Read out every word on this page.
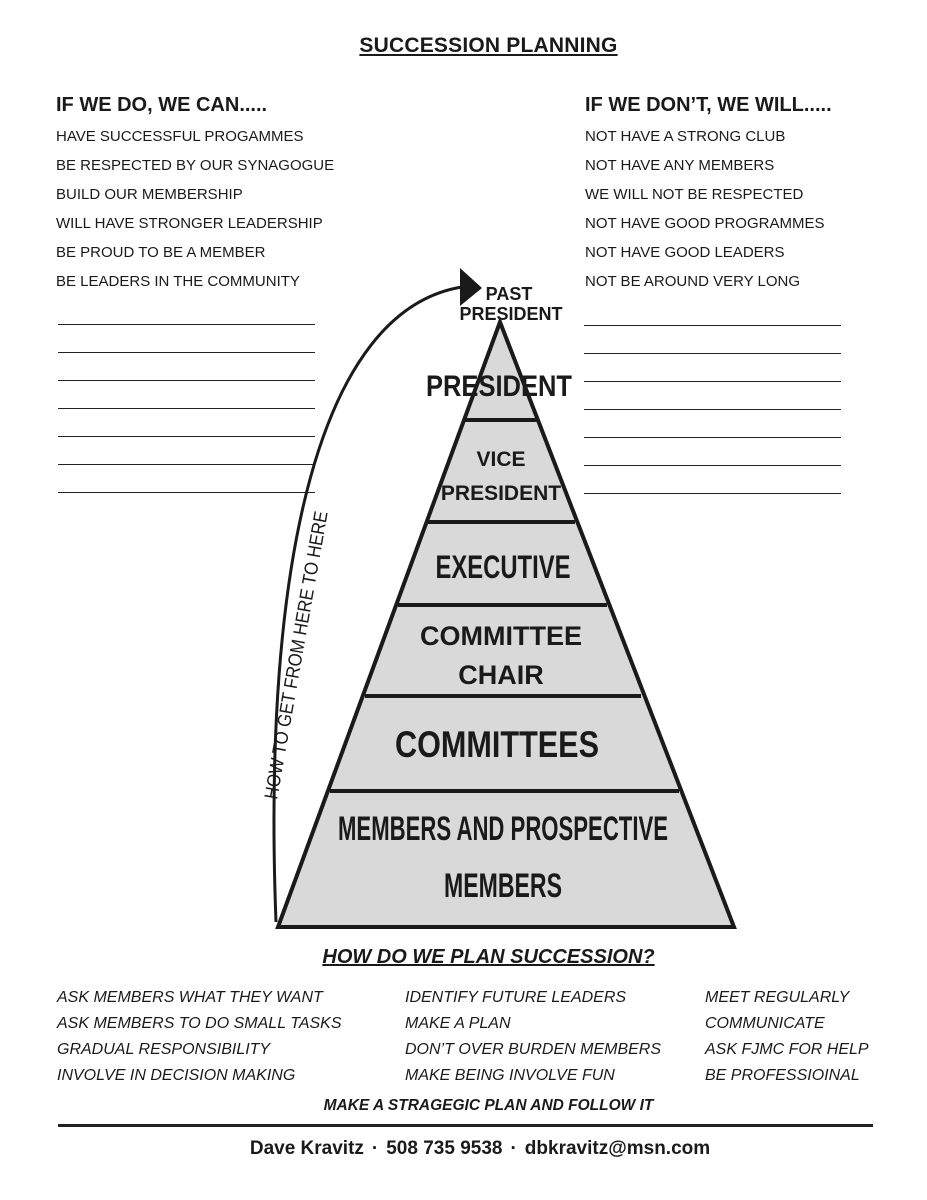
SUCCESSION PLANNING
IF WE DO, WE CAN.....
HAVE SUCCESSFUL PROGAMMES
BE RESPECTED BY OUR SYNAGOGUE
BUILD OUR MEMBERSHIP
WILL HAVE STRONGER LEADERSHIP
BE PROUD TO BE A MEMBER
BE LEADERS IN THE COMMUNITY
IF WE DON’T, WE WILL.....
NOT HAVE A STRONG CLUB
NOT HAVE ANY MEMBERS
WE WILL NOT BE RESPECTED
NOT HAVE GOOD PROGRAMMES
NOT HAVE GOOD LEADERS
NOT BE AROUND VERY LONG
HOW TO GET FROM HERE TO HERE
PAST
PRESIDENT
PRESIDENT
VICE
PRESIDENT
EXECUTIVE
COMMITTEE
CHAIR
COMMITTEES
MEMBERS AND PROSPECTIVE
MEMBERS
HOW DO WE PLAN SUCCESSION?
ASK MEMBERS WHAT THEY WANT
ASK MEMBERS TO DO SMALL TASKS
GRADUAL RESPONSIBILITY
INVOLVE IN DECISION MAKING
IDENTIFY FUTURE LEADERS
MAKE A PLAN
DON’T OVER BURDEN MEMBERS
MAKE BEING INVOLVE FUN
MEET REGULARLY
COMMUNICATE
ASK FJMC FOR HELP
BE PROFESSIOINAL
MAKE A STRAGEGIC PLAN AND FOLLOW IT
Dave Kravitz · 508 735 9538 · dbkravitz@msn.com
